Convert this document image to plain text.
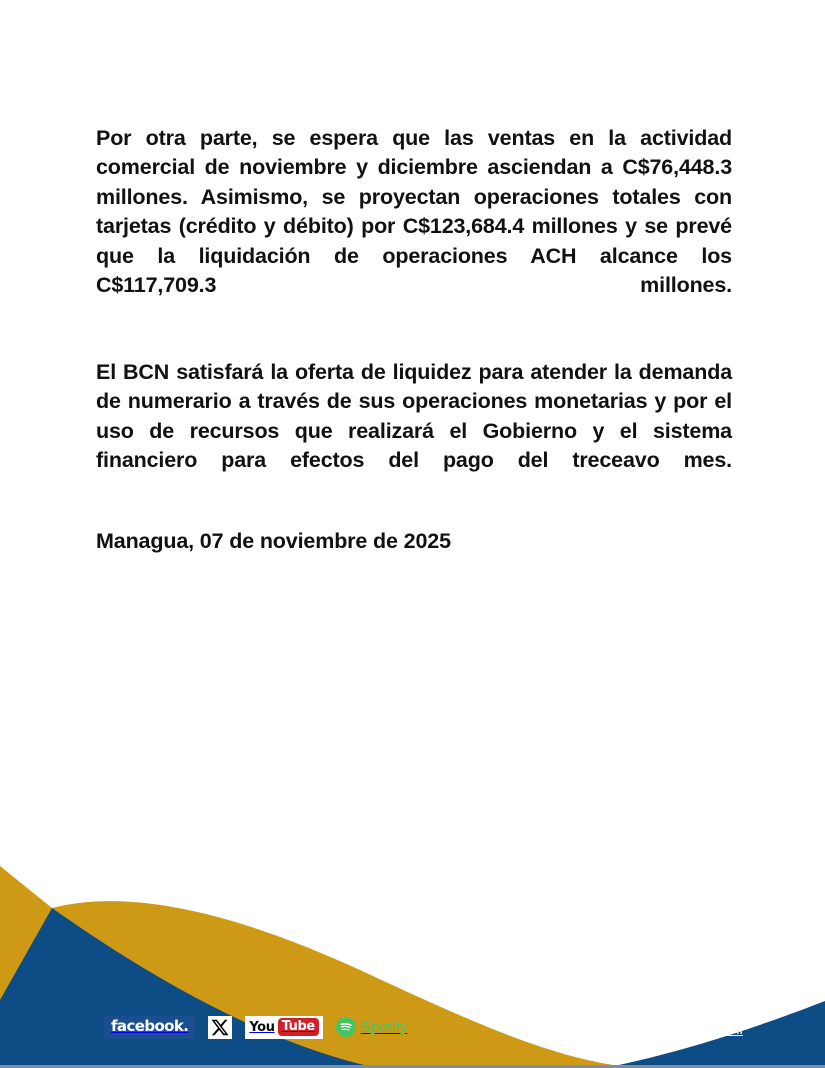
Por otra parte, se espera que las ventas en la actividad comercial de noviembre y diciembre asciendan a C$76,448.3 millones. Asimismo, se proyectan operaciones totales con tarjetas (crédito y débito) por C$123,684.4 millones y se prevé que la liquidación de operaciones ACH alcance los C$117,709.3 millones.

El BCN satisfará la oferta de liquidez para atender la demanda de numerario a través de sus operaciones monetarias y por el uso de recursos que realizará el Gobierno y el sistema financiero para efectos del pago del treceavo mes.

Managua, 07 de noviembre de 2025
facebook.	You Tube	Spotify	www.bcn.gob.ni
